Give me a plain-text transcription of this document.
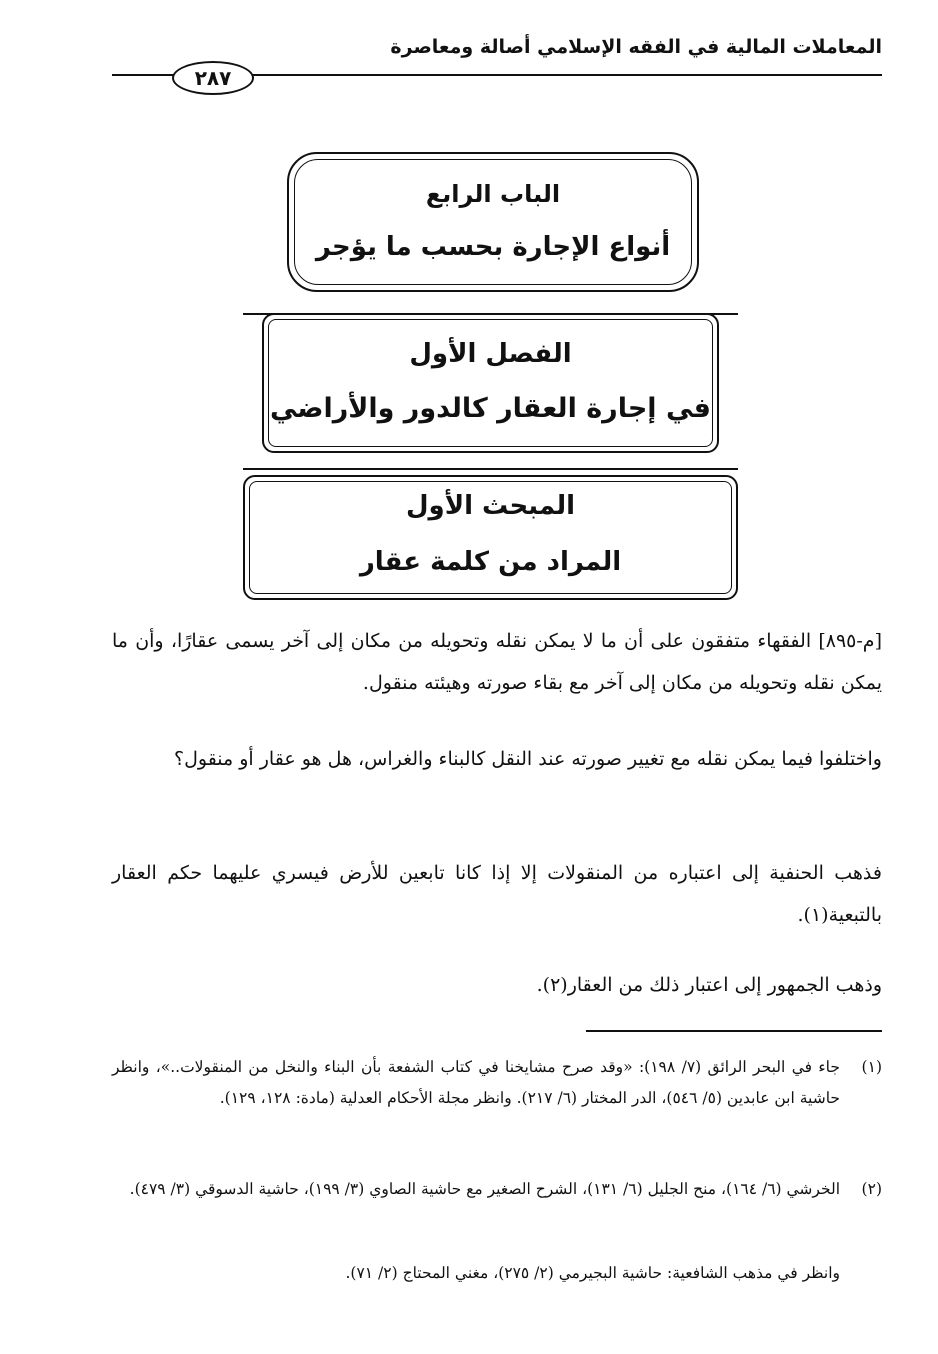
المعاملات المالية في الفقه الإسلامي أصالة ومعاصرة
٢٨٧
الباب الرابع
أنواع الإجارة بحسب ما يؤجر
الفصل الأول
في إجارة العقار كالدور والأراضي
المبحث الأول
المراد من كلمة عقار

[م-٨٩٥] الفقهاء متفقون على أن ما لا يمكن نقله وتحويله من مكان إلى آخر يسمى عقارًا، وأن ما يمكن نقله وتحويله من مكان إلى آخر مع بقاء صورته وهيئته منقول.

واختلفوا فيما يمكن نقله مع تغيير صورته عند النقل كالبناء والغراس، هل هو عقار أو منقول؟

فذهب الحنفية إلى اعتباره من المنقولات إلا إذا كانا تابعين للأرض فيسري عليهما حكم العقار بالتبعية(١).

وذهب الجمهور إلى اعتبار ذلك من العقار(٢).

(١)
جاء في البحر الرائق (٧/ ١٩٨): «وقد صرح مشايخنا في كتاب الشفعة بأن البناء والنخل من المنقولات..»، وانظر حاشية ابن عابدين (٥/ ٥٤٦)، الدر المختار (٦/ ٢١٧). وانظر مجلة الأحكام العدلية (مادة: ١٢٨، ١٢٩).
(٢)
الخرشي (٦/ ١٦٤)، منح الجليل (٦/ ١٣١)، الشرح الصغير مع حاشية الصاوي (٣/ ١٩٩)، حاشية الدسوقي (٣/ ٤٧٩).
وانظر في مذهب الشافعية: حاشية البجيرمي (٢/ ٢٧٥)، مغني المحتاج (٢/ ٧١).
